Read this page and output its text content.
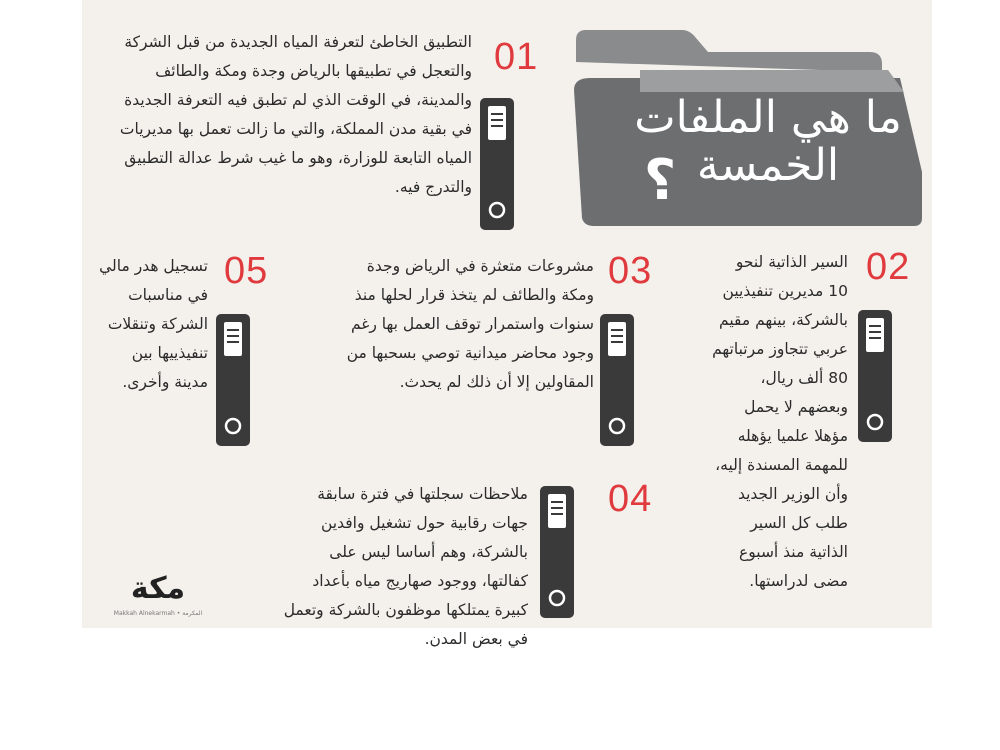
ما هي الملفات
الخمسة
؟
01

التطبيق الخاطئ لتعرفة المياه الجديدة من قبل الشركة والتعجل في تطبيقها بالرياض وجدة ومكة والطائف والمدينة، في الوقت الذي لم تطبق فيه التعرفة الجديدة في بقية مدن المملكة، والتي ما زالت تعمل بها مديريات المياه التابعة للوزارة، وهو ما غيب شرط عدالة التطبيق والتدرج فيه.

02

السير الذاتية لنحو 10 مديرين تنفيذيين بالشركة، بينهم مقيم عربي تتجاوز مرتباتهم 80 ألف ريال، وبعضهم لا يحمل مؤهلا علميا يؤهله للمهمة المسندة إليه، وأن الوزير الجديد طلب كل السير الذاتية منذ أسبوع مضى لدراستها.

03

مشروعات متعثرة في الرياض وجدة ومكة والطائف لم يتخذ قرار لحلها منذ سنوات واستمرار توقف العمل بها رغم وجود محاضر ميدانية توصي بسحبها من المقاولين إلا أن ذلك لم يحدث.

05

تسجيل هدر مالي في مناسبات الشركة وتنقلات تنفيذييها بين مدينة وأخرى.

04

ملاحظات سجلتها في فترة سابقة جهات رقابية حول تشغيل وافدين بالشركة، وهم أساسا ليس على كفالتها، ووجود صهاريج مياه بأعداد كبيرة يمتلكها موظفون بالشركة وتعمل في بعض المدن.

مكة
Makkah Alnekarmah • المكرمة
